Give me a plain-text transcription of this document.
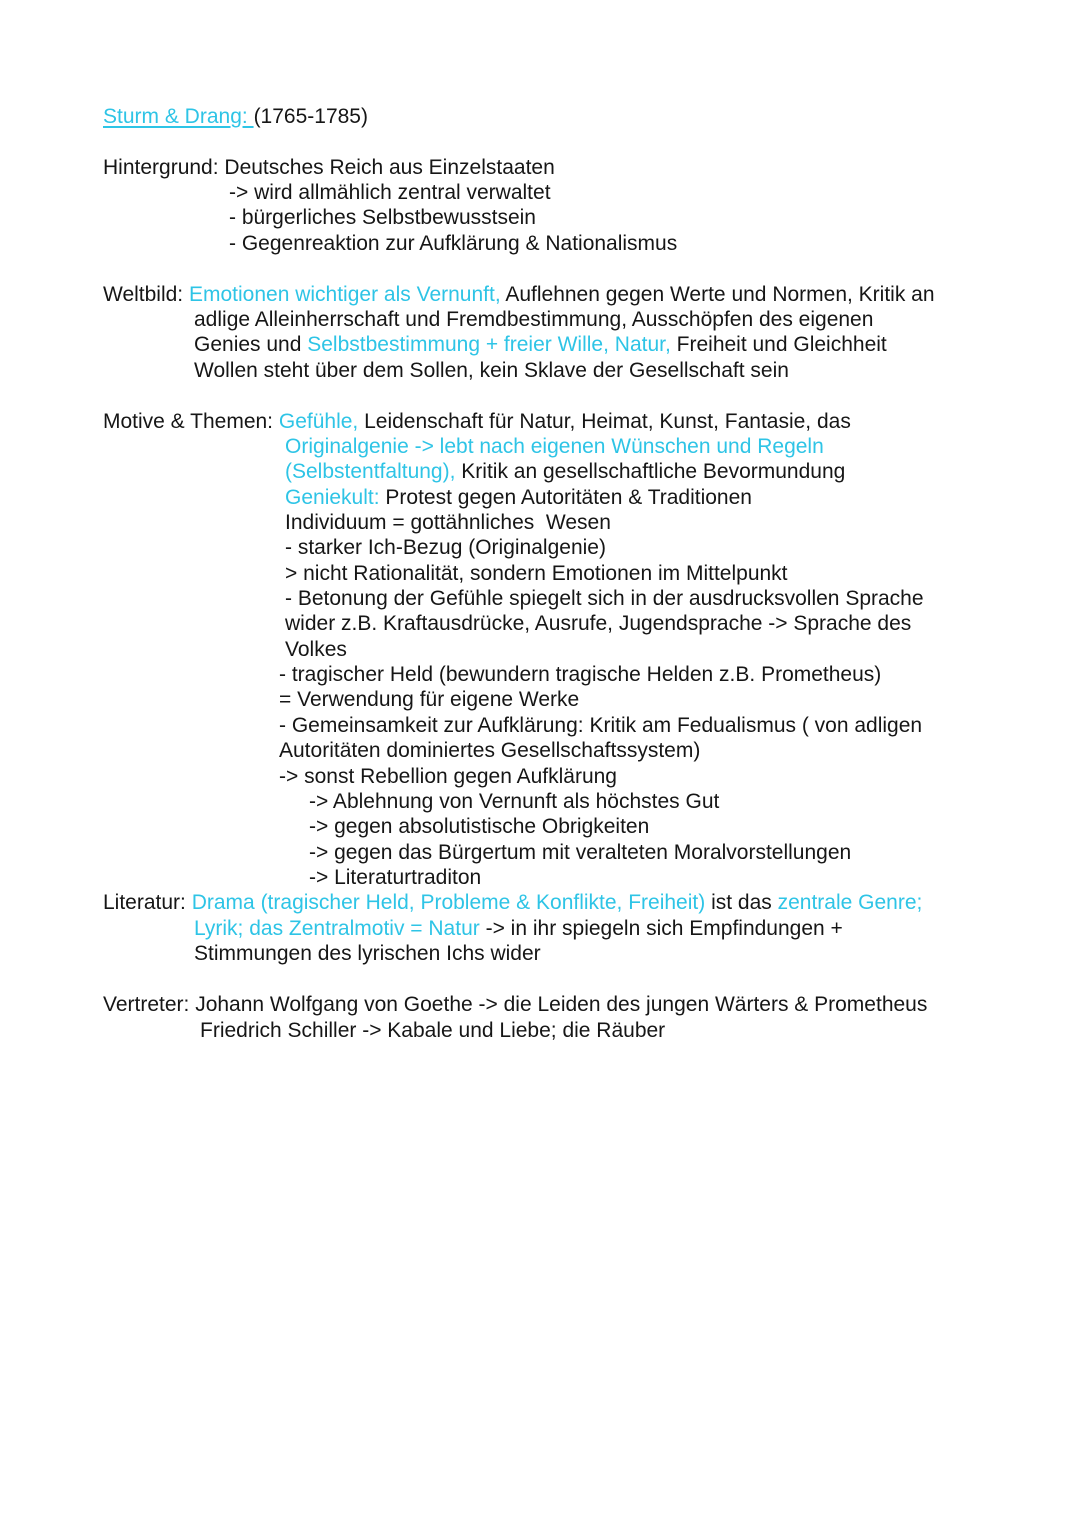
Sturm & Drang: (1765-1785)
Hintergrund: Deutsches Reich aus Einzelstaaten
-> wird allmählich zentral verwaltet
- bürgerliches Selbstbewusstsein
- Gegenreaktion zur Aufklärung & Nationalismus
Weltbild: Emotionen wichtiger als Vernunft, Auflehnen gegen Werte und Normen, Kritik an
adlige Alleinherrschaft und Fremdbestimmung, Ausschöpfen des eigenen
Genies und Selbstbestimmung + freier Wille, Natur, Freiheit und Gleichheit
Wollen steht über dem Sollen, kein Sklave der Gesellschaft sein
Motive & Themen: Gefühle, Leidenschaft für Natur, Heimat, Kunst, Fantasie, das
Originalgenie -> lebt nach eigenen Wünschen und Regeln
(Selbstentfaltung), Kritik an gesellschaftliche Bevormundung
Geniekult: Protest gegen Autoritäten & Traditionen
Individuum = gottähnliches  Wesen
- starker Ich-Bezug (Originalgenie)
> nicht Rationalität, sondern Emotionen im Mittelpunkt
- Betonung der Gefühle spiegelt sich in der ausdrucksvollen Sprache
wider z.B. Kraftausdrücke, Ausrufe, Jugendsprache -> Sprache des
Volkes
- tragischer Held (bewundern tragische Helden z.B. Prometheus)
= Verwendung für eigene Werke
- Gemeinsamkeit zur Aufklärung: Kritik am Fedualismus ( von adligen
Autoritäten dominiertes Gesellschaftssystem)
-> sonst Rebellion gegen Aufklärung
-> Ablehnung von Vernunft als höchstes Gut
-> gegen absolutistische Obrigkeiten
-> gegen das Bürgertum mit veralteten Moralvorstellungen
-> Literaturtraditon
Literatur: Drama (tragischer Held, Probleme & Konflikte, Freiheit) ist das zentrale Genre;
Lyrik; das Zentralmotiv = Natur -> in ihr spiegeln sich Empfindungen +
Stimmungen des lyrischen Ichs wider
Vertreter: Johann Wolfgang von Goethe -> die Leiden des jungen Wärters & Prometheus
Friedrich Schiller -> Kabale und Liebe; die Räuber
